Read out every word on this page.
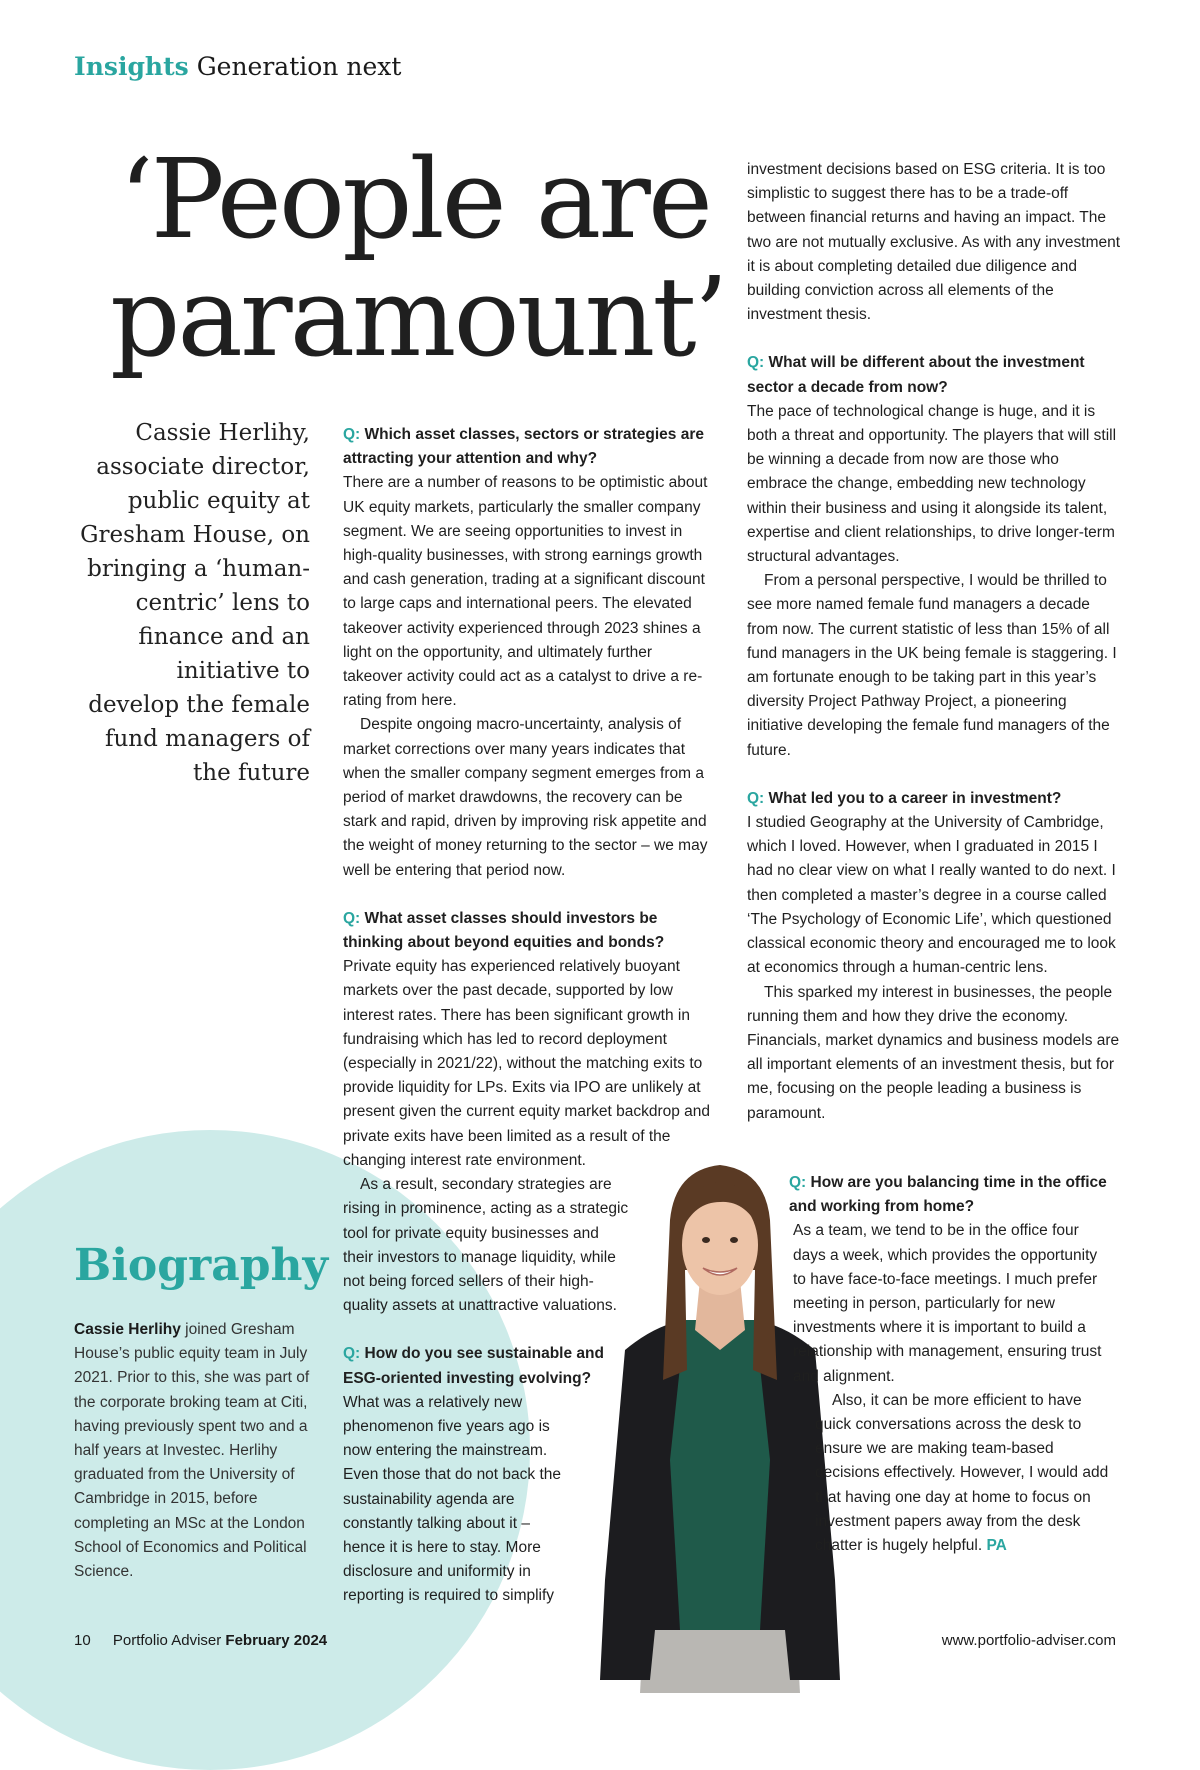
Insights Generation next
‘People are
paramount’

Cassie Herlihy, associate director, public equity at Gresham House, on bringing a ‘human-centric’ lens to finance and an initiative to develop the female fund managers of the future

Q: Which asset classes, sectors or strategies are attracting your attention and why?

There are a number of reasons to be optimistic about UK equity markets, particularly the smaller company segment. We are seeing opportunities to invest in high-quality businesses, with strong earnings growth and cash generation, trading at a significant discount to large caps and international peers. The elevated takeover activity experienced through 2023 shines a light on the opportunity, and ultimately further takeover activity could act as a catalyst to drive a re-rating from here.

Despite ongoing macro-uncertainty, analysis of market corrections over many years indicates that when the smaller company segment emerges from a period of market drawdowns, the recovery can be stark and rapid, driven by improving risk appetite and the weight of money returning to the sector – we may well be entering that period now.

Q: What asset classes should investors be thinking about beyond equities and bonds?

Private equity has experienced relatively buoyant markets over the past decade, supported by low interest rates. There has been significant growth in fundraising which has led to record deployment (especially in 2021/22), without the matching exits to provide liquidity for LPs. Exits via IPO are unlikely at present given the current equity market backdrop and private exits have been limited as a result of the changing interest rate environment.

As a result, secondary strategies are rising in prominence, acting as a strategic tool for private equity businesses and their investors to manage liquidity, while not being forced sellers of their high-quality assets at unattractive valuations.

Q: How do you see sustainable and ESG-oriented investing evolving?

What was a relatively new phenomenon five years ago is now entering the mainstream. Even those that do not back the sustainability agenda are constantly talking about it – hence it is here to stay. More disclosure and uniformity in reporting is required to simplify

investment decisions based on ESG criteria. It is too simplistic to suggest there has to be a trade-off between financial returns and having an impact. The two are not mutually exclusive. As with any investment it is about completing detailed due diligence and building conviction across all elements of the investment thesis.

Q: What will be different about the investment sector a decade from now?

The pace of technological change is huge, and it is both a threat and opportunity. The players that will still be winning a decade from now are those who embrace the change, embedding new technology within their business and using it alongside its talent, expertise and client relationships, to drive longer-term structural advantages.

From a personal perspective, I would be thrilled to see more named female fund managers a decade from now. The current statistic of less than 15% of all fund managers in the UK being female is staggering. I am fortunate enough to be taking part in this year’s diversity Project Pathway Project, a pioneering initiative developing the female fund managers of the future.

Q: What led you to a career in investment?

I studied Geography at the University of Cambridge, which I loved. However, when I graduated in 2015 I had no clear view on what I really wanted to do next. I then completed a master’s degree in a course called ‘The Psychology of Economic Life’, which questioned classical economic theory and encouraged me to look at economics through a human-centric lens.

This sparked my interest in businesses, the people running them and how they drive the economy. Financials, market dynamics and business models are all important elements of an investment thesis, but for me, focusing on the people leading a business is paramount.

Q: How are you balancing time in the office and working from home?

As a team, we tend to be in the office four days a week, which provides the opportunity to have face-to-face meetings. I much prefer meeting in person, particularly for new investments where it is important to build a relationship with management, ensuring trust and alignment.

Also, it can be more efficient to have quick conversations across the desk to ensure we are making team-based decisions effectively. However, I would add that having one day at home to focus on investment papers away from the desk chatter is hugely helpful. PA

Biography

Cassie Herlihy joined Gresham House’s public equity team in July 2021. Prior to this, she was part of the corporate broking team at Citi, having previously spent two and a half years at Investec. Herlihy graduated from the University of Cambridge in 2015, before completing an MSc at the London School of Economics and Political Science.

10 Portfolio Adviser February 2024	www.portfolio-adviser.com
